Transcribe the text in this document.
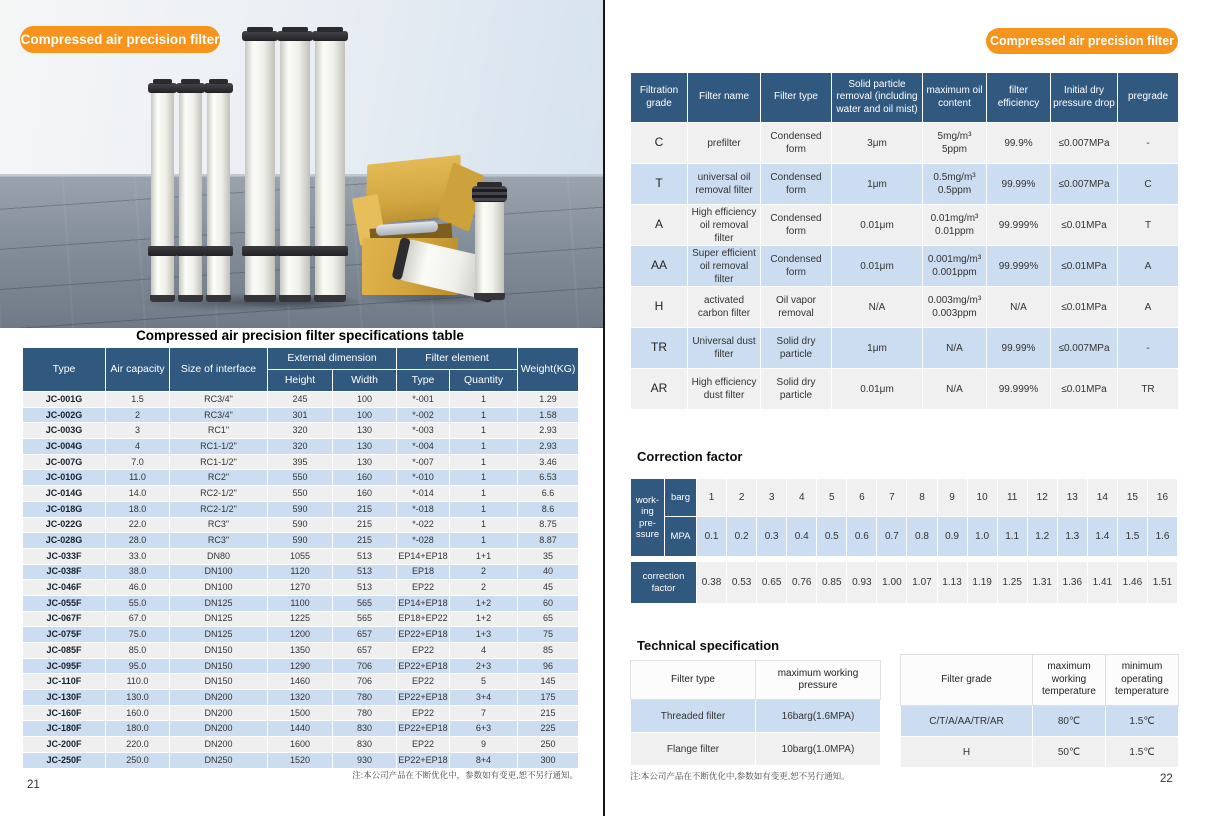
Compressed air precision filter
Compressed air precision filter specifications table
Type	Air capacity	Size of interface	External dimension		Filter element		Weight(KG)
			Height	Width	Type	Quantity	
JC-001G	1.5	RC3/4"	245	100	*-001	1	1.29
JC-002G	2	RC3/4"	301	100	*-002	1	1.58
JC-003G	3	RC1"	320	130	*-003	1	2.93
JC-004G	4	RC1-1/2"	320	130	*-004	1	2.93
JC-007G	7.0	RC1-1/2"	395	130	*-007	1	3.46
JC-010G	11.0	RC2"	550	160	*-010	1	6.53
JC-014G	14.0	RC2-1/2"	550	160	*-014	1	6.6
JC-018G	18.0	RC2-1/2"	590	215	*-018	1	8.6
JC-022G	22.0	RC3"	590	215	*-022	1	8.75
JC-028G	28.0	RC3"	590	215	*-028	1	8.87
JC-033F	33.0	DN80	1055	513	EP14+EP18	1+1	35
JC-038F	38.0	DN100	1120	513	EP18	2	40
JC-046F	46.0	DN100	1270	513	EP22	2	45
JC-055F	55.0	DN125	1100	565	EP14+EP18	1+2	60
JC-067F	67.0	DN125	1225	565	EP18+EP22	1+2	65
JC-075F	75.0	DN125	1200	657	EP22+EP18	1+3	75
JC-085F	85.0	DN150	1350	657	EP22	4	85
JC-095F	95.0	DN150	1290	706	EP22+EP18	2+3	96
JC-110F	110.0	DN150	1460	706	EP22	5	145
JC-130F	130.0	DN200	1320	780	EP22+EP18	3+4	175
JC-160F	160.0	DN200	1500	780	EP22	7	215
JC-180F	180.0	DN200	1440	830	EP22+EP18	6+3	225
JC-200F	220.0	DN200	1600	830	EP22	9	250
JC-250F	250.0	DN250	1520	930	EP22+EP18	8+4	300
注:本公司产品在不断优化中，参数如有变更,恕不另行通知。
21
Compressed air precision filter
Filtration grade	Filter name	Filter type	Solid particle removal (including water and oil mist)	maximum oil content	filter efficiency	Initial dry pressure drop	pregrade
C	prefilter	Condensed form	3μm	5mg/m³ 5ppm	99.9%	≤0.007MPa	-
T	universal oil removal filter	Condensed form	1μm	0.5mg/m³ 0.5ppm	99.99%	≤0.007MPa	C
A	High efficiency oil removal filter	Condensed form	0.01μm	0.01mg/m³ 0.01ppm	99.999%	≤0.01MPa	T
AA	Super efficient oil removal filter	Condensed form	0.01μm	0.001mg/m³ 0.001ppm	99.999%	≤0.01MPa	A
H	activated carbon filter	Oil vapor removal	N/A	0.003mg/m³ 0.003ppm	N/A	≤0.01MPa	A
TR	Universal dust filter	Solid dry particle	1μm	N/A	99.99%	≤0.007MPa	-
AR	High efficiency dust filter	Solid dry particle	0.01μm	N/A	99.999%	≤0.01MPa	TR
Correction factor
work-ing pre-ssure	barg	1	2	3	4	5	6	7	8	9	10	11	12	13	14	15	16
	MPA	0.1	0.2	0.3	0.4	0.5	0.6	0.7	0.8	0.9	1.0	1.1	1.2	1.3	1.4	1.5	1.6
correction factor	0.38	0.53	0.65	0.76	0.85	0.93	1.00	1.07	1.13	1.19	1.25	1.31	1.36	1.41	1.46	1.51
Technical specification
Filter type	maximum working pressure
Threaded filter	16barg(1.6MPA)
Flange filter	10barg(1.0MPA)
Filter grade	maximum working temperature	minimum operating temperature
C/T/A/AA/TR/AR	80℃	1.5℃
H	50℃	1.5℃
注:本公司产品在不断优化中,参数如有变更,恕不另行通知。	22
